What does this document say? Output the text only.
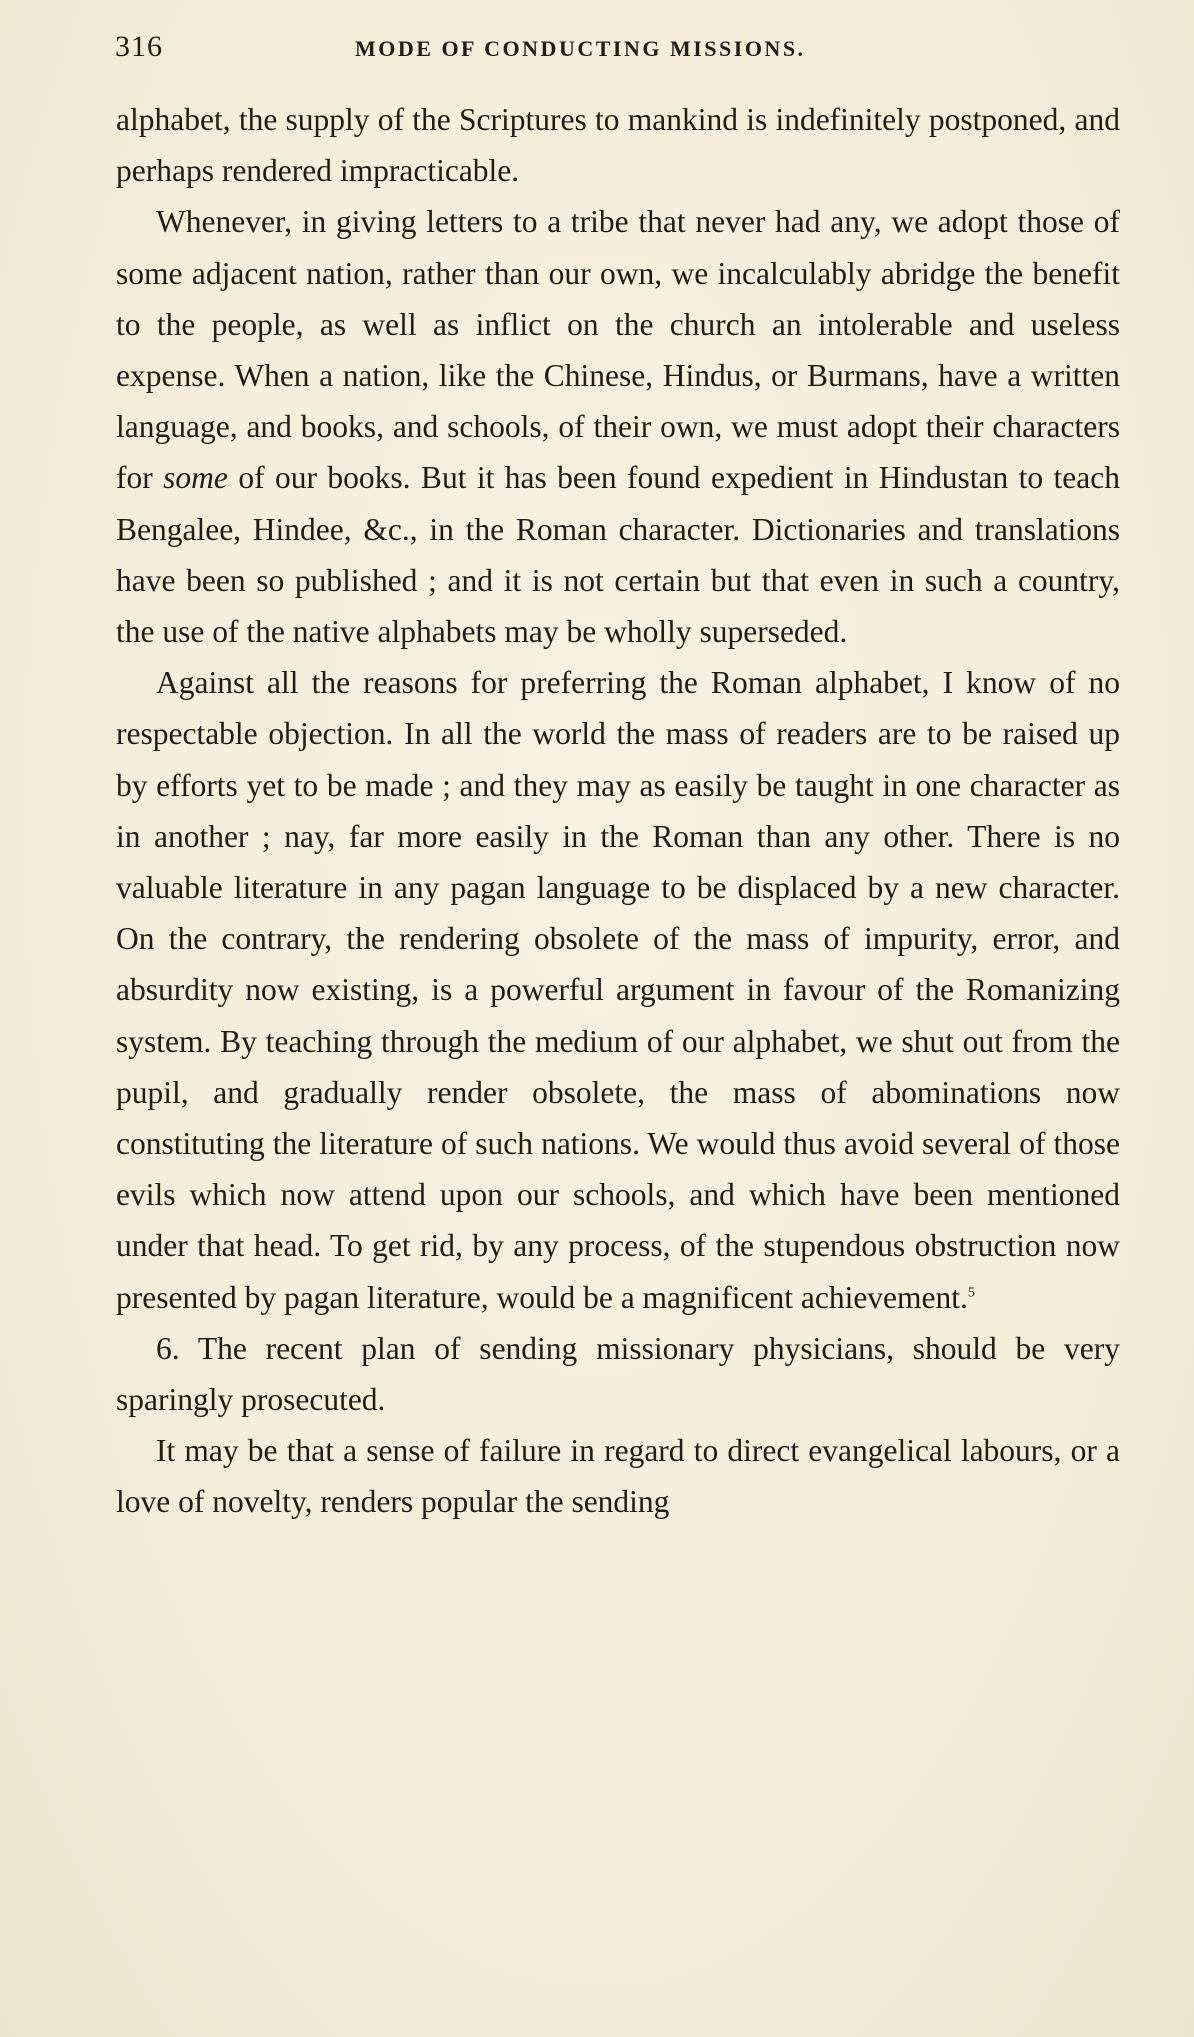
316	MODE OF CONDUCTING MISSIONS.

alphabet, the supply of the Scriptures to mankind is indefinitely postponed, and perhaps rendered impracticable.

Whenever, in giving letters to a tribe that never had any, we adopt those of some adjacent nation, rather than our own, we incalculably abridge the benefit to the people, as well as inflict on the church an intolerable and useless expense. When a nation, like the Chinese, Hindus, or Burmans, have a written language, and books, and schools, of their own, we must adopt their characters for some of our books. But it has been found expedient in Hindustan to teach Bengalee, Hindee, &c., in the Roman character. Dictionaries and translations have been so published ; and it is not certain but that even in such a country, the use of the native alphabets may be wholly superseded.

Against all the reasons for preferring the Roman alphabet, I know of no respectable objection. In all the world the mass of readers are to be raised up by efforts yet to be made ; and they may as easily be taught in one character as in another ; nay, far more easily in the Roman than any other. There is no valuable literature in any pagan language to be displaced by a new character. On the contrary, the rendering obsolete of the mass of impurity, error, and absurdity now existing, is a powerful argument in favour of the Romanizing system. By teaching through the medium of our alphabet, we shut out from the pupil, and gradually render obsolete, the mass of abominations now constituting the literature of such nations. We would thus avoid several of those evils which now attend upon our schools, and which have been mentioned under that head. To get rid, by any process, of the stupendous obstruction now presented by pagan literature, would be a magnificent achievement.$^5$

6. The recent plan of sending missionary physicians, should be very sparingly prosecuted.

It may be that a sense of failure in regard to direct evangelical labours, or a love of novelty, renders popular the sending
